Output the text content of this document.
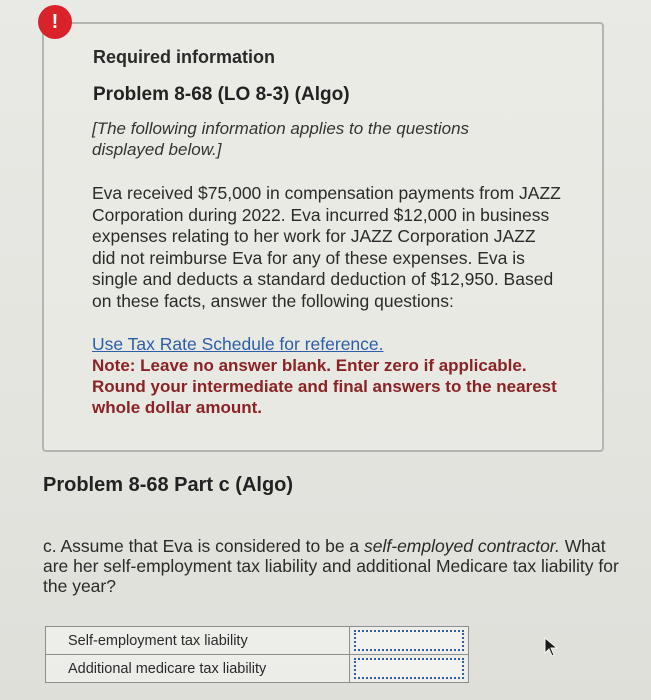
!
Required information
Problem 8-68 (LO 8-3) (Algo)
[The following information applies to the questions displayed below.]
Eva received $75,000 in compensation payments from JAZZ Corporation during 2022. Eva incurred $12,000 in business expenses relating to her work for JAZZ Corporation JAZZ did not reimburse Eva for any of these expenses. Eva is single and deducts a standard deduction of $12,950. Based on these facts, answer the following questions:
Use Tax Rate Schedule for reference.
Note: Leave no answer blank. Enter zero if applicable. Round your intermediate and final answers to the nearest whole dollar amount.
Problem 8-68 Part c (Algo)
c. Assume that Eva is considered to be a self-employed contractor. What are her self-employment tax liability and additional Medicare tax liability for the year?
Self-employment tax liability	
Additional medicare tax liability	
